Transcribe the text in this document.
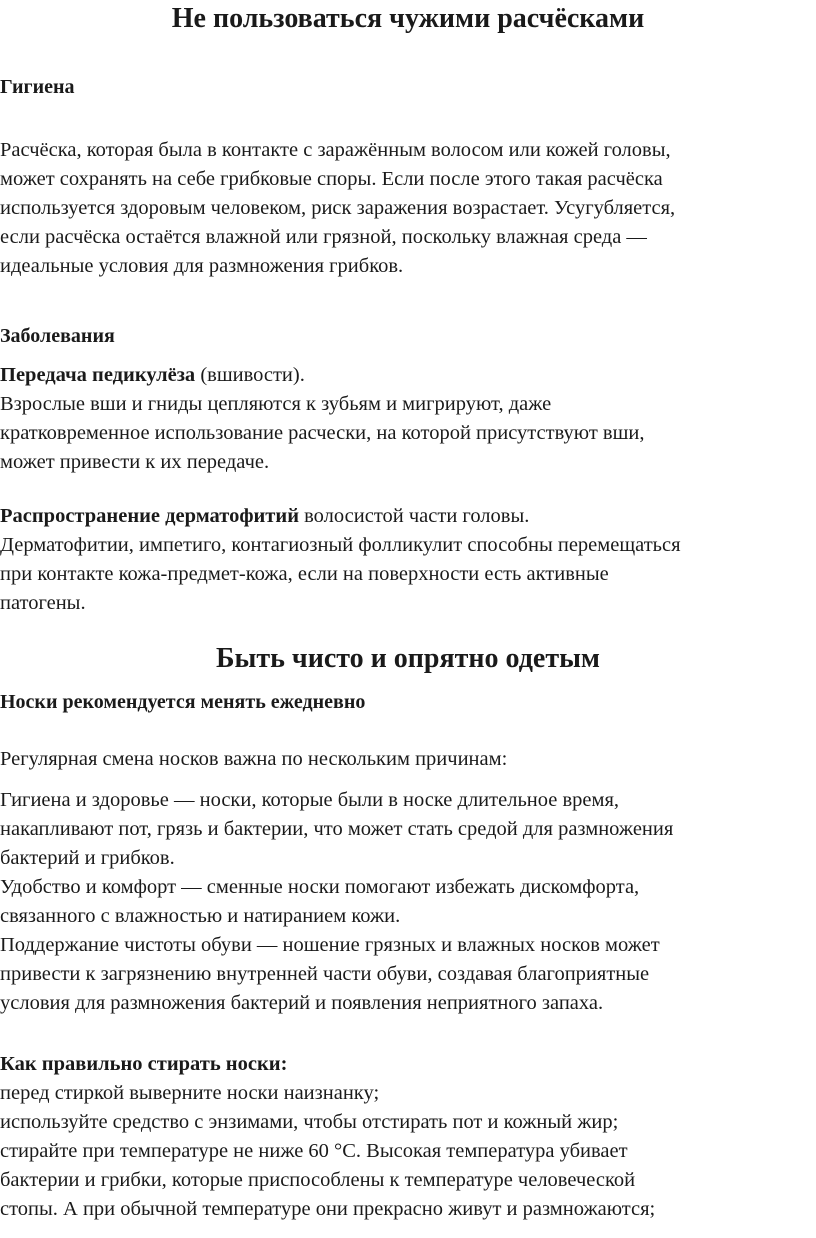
Не пользоваться чужими расчёсками
Гигиена
Расчёска, которая была в контакте с заражённым волосом или кожей головы,
может сохранять на себе грибковые споры. Если после этого такая расчёска
используется здоровым человеком, риск заражения возрастает. Усугубляется,
если расчёска остаётся влажной или грязной, поскольку влажная среда —
идеальные условия для размножения грибков.
Заболевания
Передача педикулёза (вшивости).
Взрослые вши и гниды цепляются к зубьям и мигрируют, даже
кратковременное использование расчески, на которой присутствуют вши,
может привести к их передаче.
Распространение дерматофитий волосистой части головы.
Дерматофитии, импетиго, контагиозный фолликулит способны перемещаться
при контакте кожа-предмет-кожа, если на поверхности есть активные
патогены.
Быть чисто и опрятно одетым
Носки рекомендуется менять ежедневно
Регулярная смена носков важна по нескольким причинам:
Гигиена и здоровье — носки, которые были в носке длительное время,
накапливают пот, грязь и бактерии, что может стать средой для размножения
бактерий и грибков.
Удобство и комфорт — сменные носки помогают избежать дискомфорта,
связанного с влажностью и натиранием кожи.
Поддержание чистоты обуви — ношение грязных и влажных носков может
привести к загрязнению внутренней части обуви, создавая благоприятные
условия для размножения бактерий и появления неприятного запаха.
Как правильно стирать носки:
перед стиркой выверните носки наизнанку;
используйте средство с энзимами, чтобы отстирать пот и кожный жир;
стирайте при температуре не ниже 60 °C. Высокая температура убивает
бактерии и грибки, которые приспособлены к температуре человеческой
стопы. А при обычной температуре они прекрасно живут и размножаются;
